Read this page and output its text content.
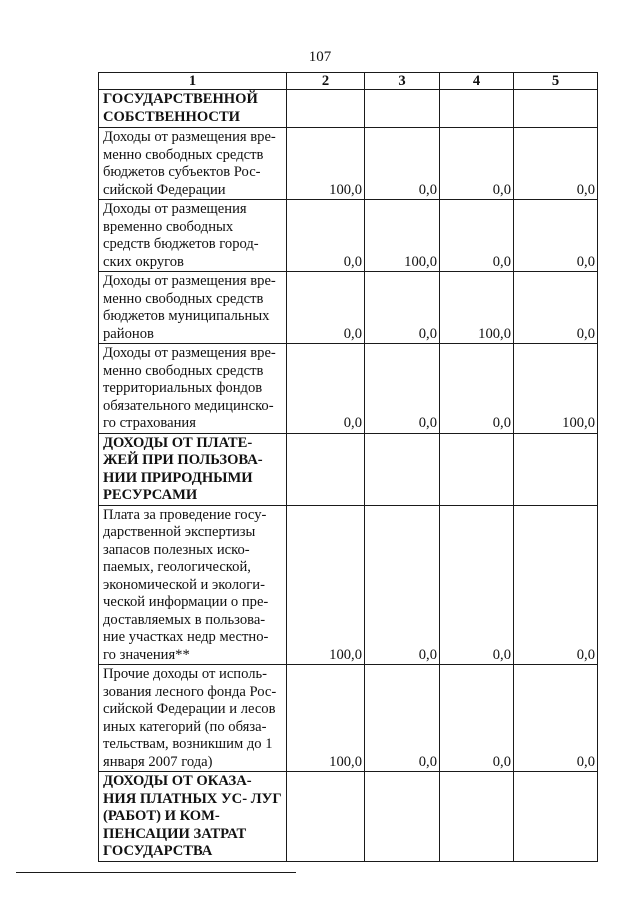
107
1	2	3	4	5
ГОСУДАРСТВЕННОЙ СОБСТВЕННОСТИ				
Доходы от размещения вре- менно свободных средств бюджетов субъектов Рос- сийской Федерации	100,0	0,0	0,0	0,0
Доходы от размещения временно свободных средств бюджетов город- ских округов	0,0	100,0	0,0	0,0
Доходы от размещения вре- менно свободных средств бюджетов муниципальных районов	0,0	0,0	100,0	0,0
Доходы от размещения вре- менно свободных средств территориальных фондов обязательного медицинско- го страхования	0,0	0,0	0,0	100,0
ДОХОДЫ ОТ ПЛАТЕ- ЖЕЙ ПРИ ПОЛЬЗОВА- НИИ ПРИРОДНЫМИ РЕСУРСАМИ				
Плата за проведение госу- дарственной экспертизы запасов полезных иско- паемых, геологической, экономической и экологи- ческой информации о пре- доставляемых в пользова- ние участках недр местно- го значения**	100,0	0,0	0,0	0,0
Прочие доходы от исполь- зования лесного фонда Рос- сийской Федерации и лесов иных категорий (по обяза- тельствам, возникшим до 1 января 2007 года)	100,0	0,0	0,0	0,0
ДОХОДЫ ОТ ОКАЗА- НИЯ ПЛАТНЫХ УС- ЛУГ (РАБОТ) И КОМ- ПЕНСАЦИИ ЗАТРАТ ГОСУДАРСТВА				
